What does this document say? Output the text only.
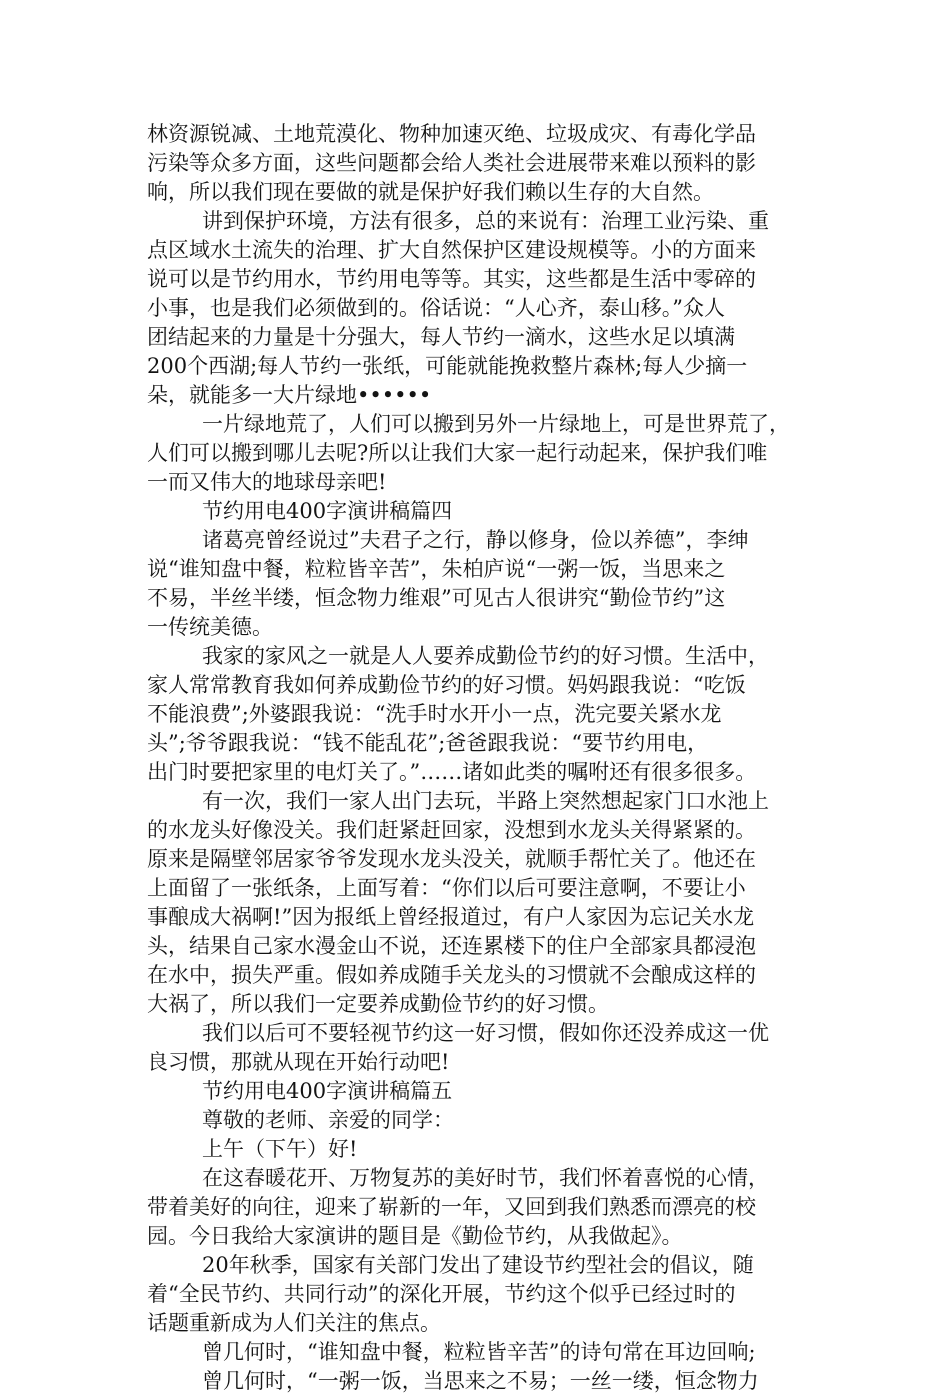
林资源锐减、土地荒漠化、物种加速灭绝、垃圾成灾、有毒化学品
污染等众多方面，这些问题都会给人类社会进展带来难以预料的影
响，所以我们现在要做的就是保护好我们赖以生存的大自然。
讲到保护环境，方法有很多，总的来说有：治理工业污染、重
点区域水土流失的治理、扩大自然保护区建设规模等。小的方面来
说可以是节约用水，节约用电等等。其实，这些都是生活中零碎的
小事，也是我们必须做到的。俗话说：“人心齐，泰山移。”众人
团结起来的力量是十分强大，每人节约一滴水，这些水足以填满
200个西湖;每人节约一张纸，可能就能挽救整片森林;每人少摘一
朵，就能多一大片绿地••••••
一片绿地荒了，人们可以搬到另外一片绿地上，可是世界荒了，
人们可以搬到哪儿去呢?所以让我们大家一起行动起来，保护我们唯
一而又伟大的地球母亲吧!
节约用电400字演讲稿篇四
诸葛亮曾经说过”夫君子之行，静以修身，俭以养德”，李绅
说“谁知盘中餐，粒粒皆辛苦”，朱柏庐说“一粥一饭，当思来之
不易，半丝半缕，恒念物力维艰”可见古人很讲究“勤俭节约”这
一传统美德。
我家的家风之一就是人人要养成勤俭节约的好习惯。生活中，
家人常常教育我如何养成勤俭节约的好习惯。妈妈跟我说：“吃饭
不能浪费”;外婆跟我说：“洗手时水开小一点，洗完要关紧水龙
头”;爷爷跟我说：“钱不能乱花”;爸爸跟我说：“要节约用电，
出门时要把家里的电灯关了。”……诸如此类的嘱咐还有很多很多。
有一次，我们一家人出门去玩，半路上突然想起家门口水池上
的水龙头好像没关。我们赶紧赶回家，没想到水龙头关得紧紧的。
原来是隔壁邻居家爷爷发现水龙头没关，就顺手帮忙关了。他还在
上面留了一张纸条，上面写着：“你们以后可要注意啊，不要让小
事酿成大祸啊!”因为报纸上曾经报道过，有户人家因为忘记关水龙
头，结果自己家水漫金山不说，还连累楼下的住户全部家具都浸泡
在水中，损失严重。假如养成随手关龙头的习惯就不会酿成这样的
大祸了，所以我们一定要养成勤俭节约的好习惯。
我们以后可不要轻视节约这一好习惯，假如你还没养成这一优
良习惯，那就从现在开始行动吧!
节约用电400字演讲稿篇五
尊敬的老师、亲爱的同学：
上午（下午）好!
在这春暖花开、万物复苏的美好时节，我们怀着喜悦的心情，
带着美好的向往，迎来了崭新的一年，又回到我们熟悉而漂亮的校
园。今日我给大家演讲的题目是《勤俭节约，从我做起》。
20年秋季，国家有关部门发出了建设节约型社会的倡议，随
着“全民节约、共同行动”的深化开展，节约这个似乎已经过时的
话题重新成为人们关注的焦点。
曾几何时，“谁知盘中餐，粒粒皆辛苦”的诗句常在耳边回响;
曾几何时，“一粥一饭，当思来之不易；一丝一缕，恒念物力
